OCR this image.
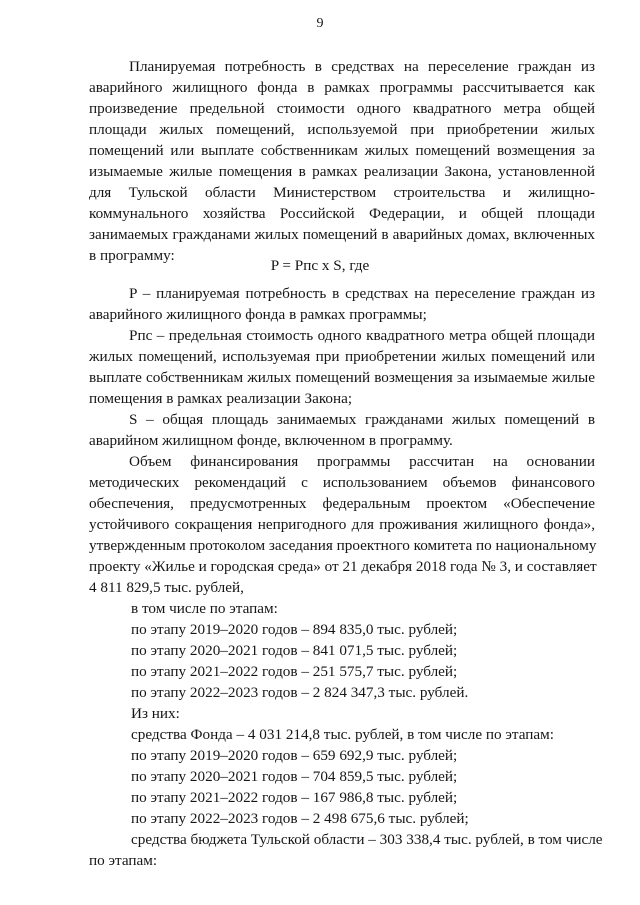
9
Планируемая потребность в средствах на переселение граждан из
аварийного жилищного фонда в рамках программы рассчитывается как
произведение предельной стоимости одного квадратного метра общей
площади жилых помещений, используемой при приобретении жилых
помещений или выплате собственникам жилых помещений возмещения за
изымаемые жилые помещения в рамках реализации Закона, установленной
для Тульской области Министерством строительства и жилищно-
коммунального хозяйства Российской Федерации, и общей площади
занимаемых гражданами жилых помещений в аварийных домах, включенных
в программу:
P = Pпс x S, где
P – планируемая потребность в средствах на переселение граждан из
аварийного жилищного фонда в рамках программы;
Pпс – предельная стоимость одного квадратного метра общей площади
жилых помещений, используемая при приобретении жилых помещений или
выплате собственникам жилых помещений возмещения за изымаемые жилые
помещения в рамках реализации Закона;
S – общая площадь занимаемых гражданами жилых помещений в
аварийном жилищном фонде, включенном в программу.
Объем финансирования программы рассчитан на основании
методических рекомендаций с использованием объемов финансового
обеспечения, предусмотренных федеральным проектом «Обеспечение
устойчивого сокращения непригодного для проживания жилищного фонда»,
утвержденным протоколом заседания проектного комитета по национальному
проекту «Жилье и городская среда» от 21 декабря 2018 года № 3, и составляет
4 811 829,5 тыс. рублей,
в том числе по этапам:
по этапу 2019–2020 годов – 894 835,0 тыс. рублей;
по этапу 2020–2021 годов – 841 071,5 тыс. рублей;
по этапу 2021–2022 годов – 251 575,7 тыс. рублей;
по этапу 2022–2023 годов – 2 824 347,3 тыс. рублей.
Из них:
средства Фонда – 4 031 214,8 тыс. рублей, в том числе по этапам:
по этапу 2019–2020 годов – 659 692,9 тыс. рублей;
по этапу 2020–2021 годов – 704 859,5 тыс. рублей;
по этапу 2021–2022 годов – 167 986,8 тыс. рублей;
по этапу 2022–2023 годов – 2 498 675,6 тыс. рублей;
средства бюджета Тульской области – 303 338,4 тыс. рублей, в том числе
по этапам:
